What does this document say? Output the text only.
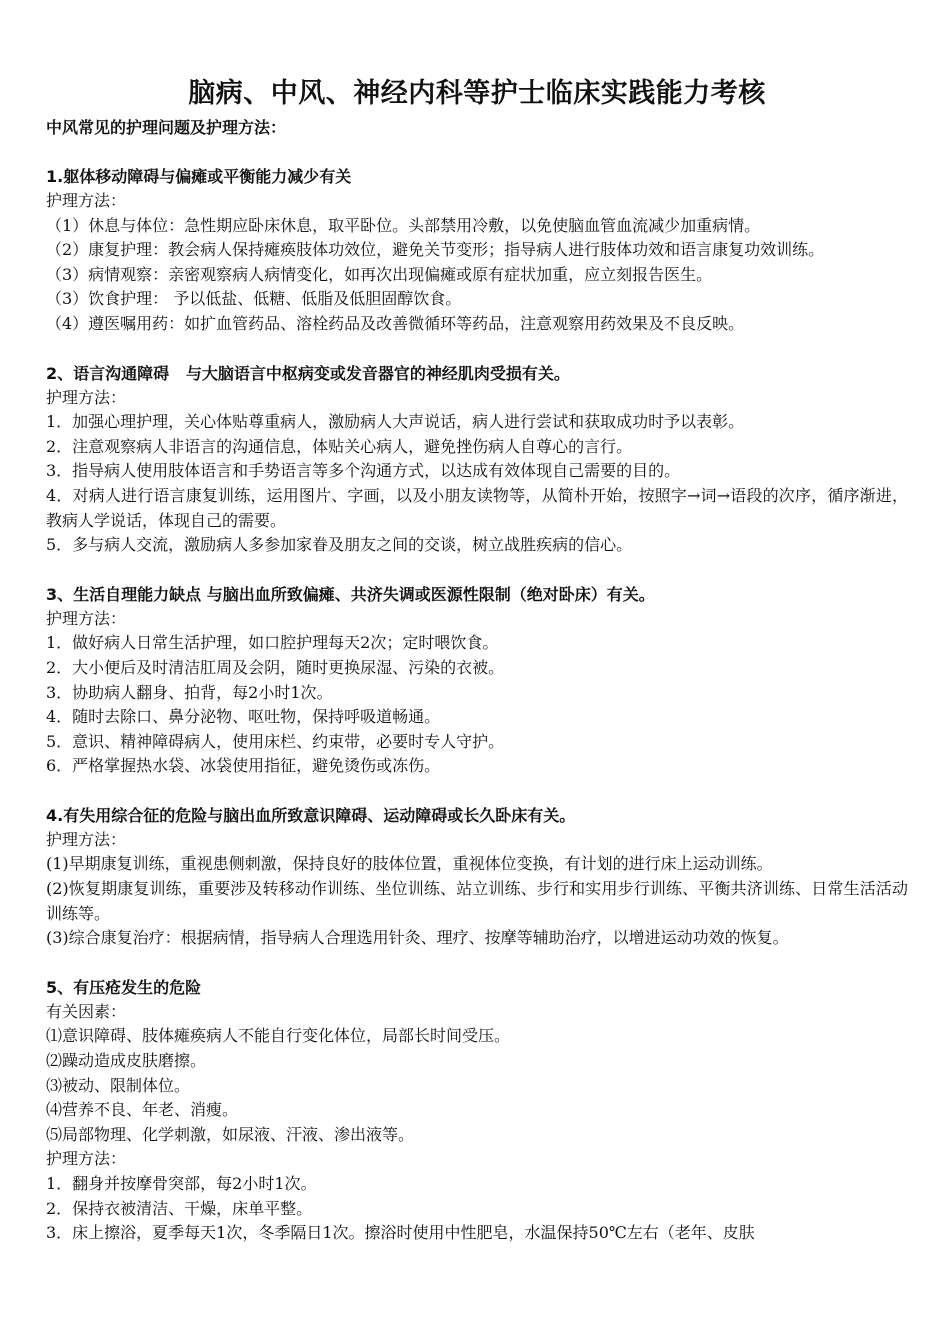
脑病、中风、神经内科等护士临床实践能力考核

中风常见的护理问题及护理方法：

1.躯体移动障碍与偏瘫或平衡能力减少有关

护理方法：

（1）休息与体位：急性期应卧床休息，取平卧位。头部禁用冷敷，以免使脑血管血流减少加重病情。

（2）康复护理：教会病人保持瘫痪肢体功效位，避免关节变形；指导病人进行肢体功效和语言康复功效训练。

（3）病情观察：亲密观察病人病情变化，如再次出现偏瘫或原有症状加重，应立刻报告医生。

（3）饮食护理： 予以低盐、低糖、低脂及低胆固醇饮食。

（4）遵医嘱用药：如扩血管药品、溶栓药品及改善微循环等药品，注意观察用药效果及不良反映。

2、语言沟通障碍   与大脑语言中枢病变或发音器官的神经肌肉受损有关。

护理方法：

1．加强心理护理，关心体贴尊重病人，激励病人大声说话，病人进行尝试和获取成功时予以表彰。

2．注意观察病人非语言的沟通信息，体贴关心病人，避免挫伤病人自尊心的言行。

3．指导病人使用肢体语言和手势语言等多个沟通方式，以达成有效体现自己需要的目的。

4．对病人进行语言康复训练，运用图片、字画，以及小朋友读物等，从简朴开始，按照字→词→语段的次序，循序渐进，教病人学说话，体现自己的需要。

5．多与病人交流，激励病人多参加家眷及朋友之间的交谈，树立战胜疾病的信心。

3、生活自理能力缺点 与脑出血所致偏瘫、共济失调或医源性限制（绝对卧床）有关。

护理方法：

1．做好病人日常生活护理，如口腔护理每天2次；定时喂饮食。

2．大小便后及时清洁肛周及会阴，随时更换尿湿、污染的衣被。

3．协助病人翻身、拍背，每2小时1次。

4．随时去除口、鼻分泌物、呕吐物，保持呼吸道畅通。

5．意识、精神障碍病人，使用床栏、约束带，必要时专人守护。

6．严格掌握热水袋、冰袋使用指征，避免烫伤或冻伤。

4.有失用综合征的危险与脑出血所致意识障碍、运动障碍或长久卧床有关。

护理方法：

(1)早期康复训练，重视患侧刺激，保持良好的肢体位置，重视体位变换，有计划的进行床上运动训练。

(2)恢复期康复训练，重要涉及转移动作训练、坐位训练、站立训练、步行和实用步行训练、平衡共济训练、日常生活活动训练等。

(3)综合康复治疗：根据病情，指导病人合理选用针灸、理疗、按摩等辅助治疗，以增进运动功效的恢复。

5、有压疮发生的危险

有关因素：

⑴意识障碍、肢体瘫痪病人不能自行变化体位，局部长时间受压。

⑵躁动造成皮肤磨擦。

⑶被动、限制体位。

⑷营养不良、年老、消瘦。

⑸局部物理、化学刺激，如尿液、汗液、渗出液等。

护理方法：

1．翻身并按摩骨突部，每2小时1次。

2．保持衣被清洁、干燥，床单平整。

3．床上擦浴，夏季每天1次，冬季隔日1次。擦浴时使用中性肥皂，水温保持50℃左右（老年、皮肤
